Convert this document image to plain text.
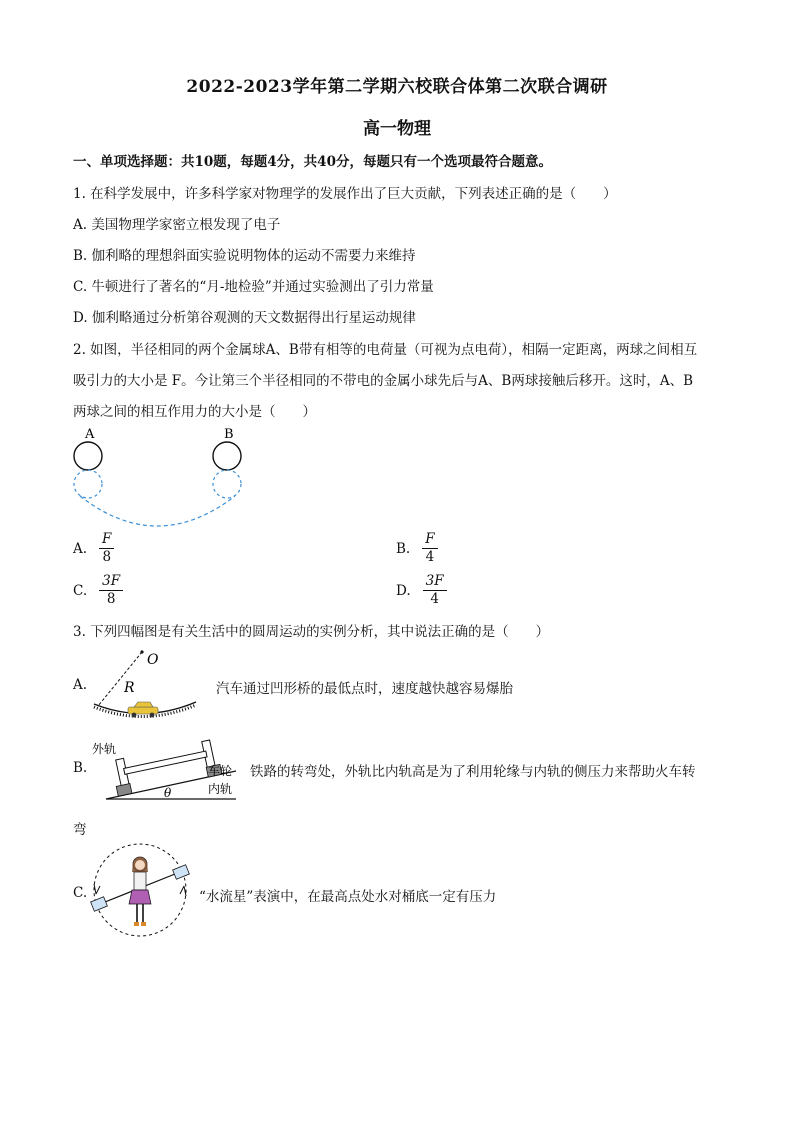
2022-2023学年第二学期六校联合体第二次联合调研
高一物理
一、单项选择题：共10题，每题4分，共40分，每题只有一个选项最符合题意。
1. 在科学发展中，许多科学家对物理学的发展作出了巨大贡献，下列表述正确的是（　　）
A. 美国物理学家密立根发现了电子
B. 伽利略的理想斜面实验说明物体的运动不需要力来维持
C. 牛顿进行了著名的“月-地检验”并通过实验测出了引力常量
D. 伽利略通过分析第谷观测的天文数据得出行星运动规律
2. 如图，半径相同的两个金属球A、B带有相等的电荷量（可视为点电荷），相隔一定距离，两球之间相互
吸引力的大小是 F。今让第三个半径相同的不带电的金属小球先后与A、B两球接触后移开。这时，A、B
两球之间的相互作用力的大小是（　　）
A	B
A. $\frac{F}{8}$	B. $\frac{F}{4}$
C. $\frac{3F}{8}$	D. $\frac{3F}{4}$
3. 下列四幅图是有关生活中的圆周运动的实例分析，其中说法正确的是（　　）
A.
O
R	汽车通过凹形桥的最低点时，速度越快越容易爆胎
B.
外轨
车轮
内轨
θ
铁路的转弯处，外轨比内轨高是为了利用轮缘与内轨的侧压力来帮助火车转
弯
C.	“水流星”表演中，在最高点处水对桶底一定有压力
